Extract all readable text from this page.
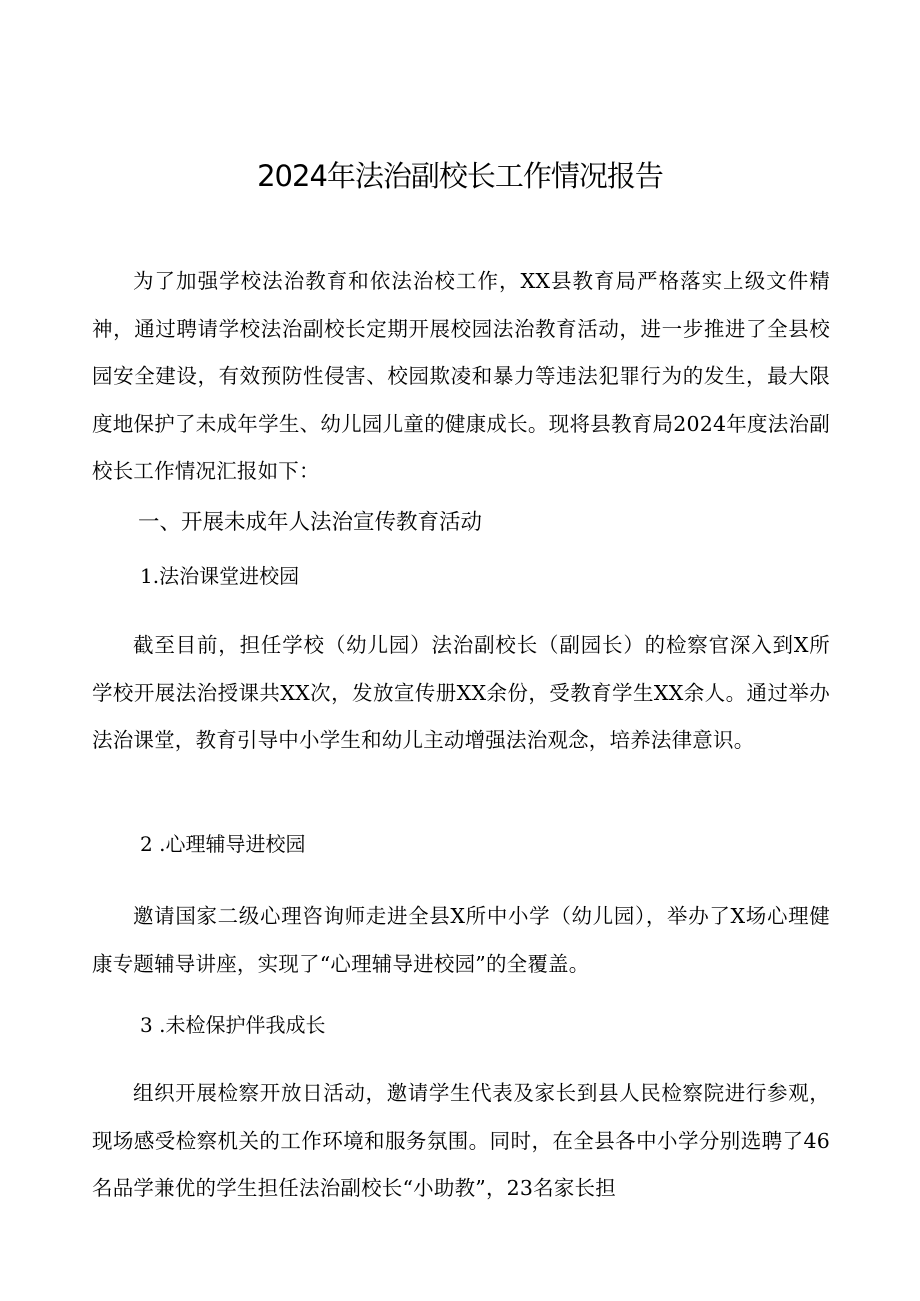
2024年法治副校长工作情况报告

为了加强学校法治教育和依法治校工作，XX县教育局严格落实上级文件精神，通过聘请学校法治副校长定期开展校园法治教育活动，进一步推进了全县校园安全建设，有效预防性侵害、校园欺凌和暴力等违法犯罪行为的发生，最大限度地保护了未成年学生、幼儿园儿童的健康成长。现将县教育局2024年度法治副校长工作情况汇报如下：

一、开展未成年人法治宣传教育活动
1.法治课堂进校园

截至目前，担任学校（幼儿园）法治副校长（副园长）的检察官深入到X所学校开展法治授课共XX次，发放宣传册XX余份，受教育学生XX余人。通过举办法治课堂，教育引导中小学生和幼儿主动增强法治观念，培养法律意识。

2 .心理辅导进校园

邀请国家二级心理咨询师走进全县X所中小学（幼儿园），举办了X场心理健康专题辅导讲座，实现了“心理辅导进校园”的全覆盖。

3 .未检保护伴我成长

组织开展检察开放日活动，邀请学生代表及家长到县人民检察院进行参观，现场感受检察机关的工作环境和服务氛围。同时，在全县各中小学分别选聘了46名品学兼优的学生担任法治副校长“小助教”，23名家长担
